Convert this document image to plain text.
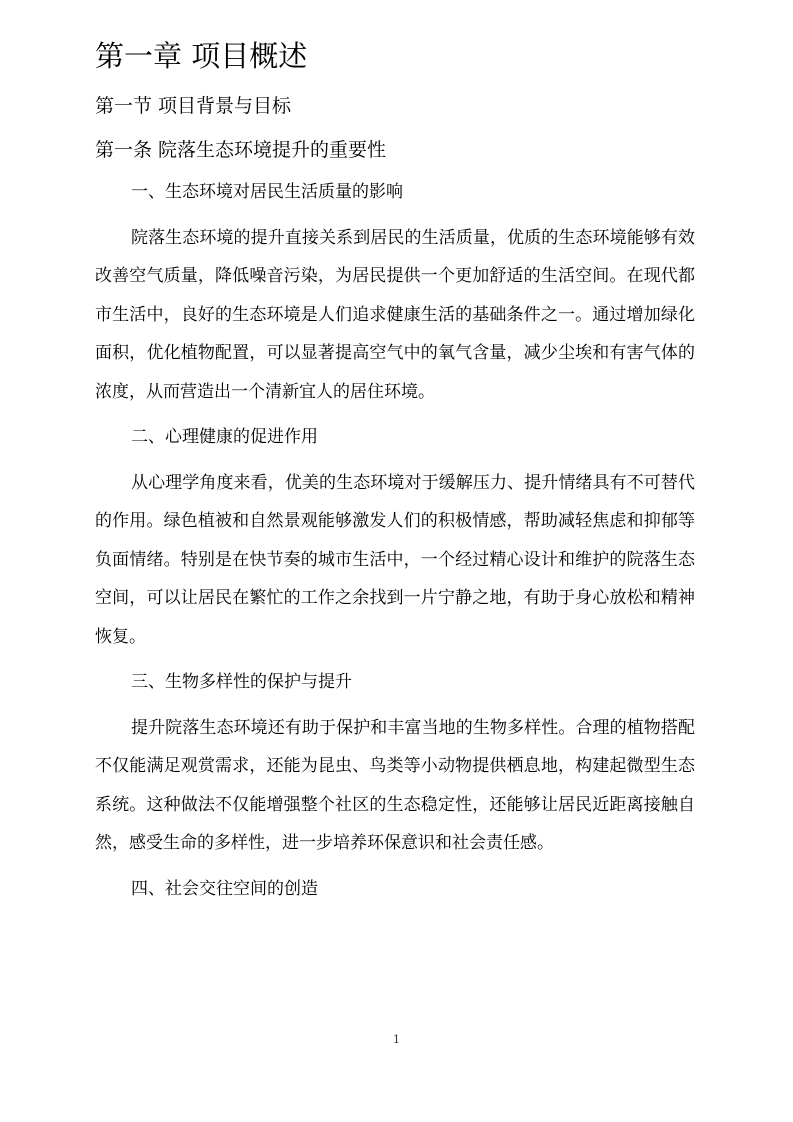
第一章 项目概述
第一节 项目背景与目标
第一条 院落生态环境提升的重要性
一、生态环境对居民生活质量的影响

院落生态环境的提升直接关系到居民的生活质量，优质的生态环境能够有效改善空气质量，降低噪音污染，为居民提供一个更加舒适的生活空间。在现代都市生活中，良好的生态环境是人们追求健康生活的基础条件之一。通过增加绿化面积，优化植物配置，可以显著提高空气中的氧气含量，减少尘埃和有害气体的浓度，从而营造出一个清新宜人的居住环境。

二、心理健康的促进作用

从心理学角度来看，优美的生态环境对于缓解压力、提升情绪具有不可替代的作用。绿色植被和自然景观能够激发人们的积极情感，帮助减轻焦虑和抑郁等负面情绪。特别是在快节奏的城市生活中，一个经过精心设计和维护的院落生态空间，可以让居民在繁忙的工作之余找到一片宁静之地，有助于身心放松和精神恢复。

三、生物多样性的保护与提升

提升院落生态环境还有助于保护和丰富当地的生物多样性。合理的植物搭配不仅能满足观赏需求，还能为昆虫、鸟类等小动物提供栖息地，构建起微型生态系统。这种做法不仅能增强整个社区的生态稳定性，还能够让居民近距离接触自然，感受生命的多样性，进一步培养环保意识和社会责任感。

四、社会交往空间的创造
1
